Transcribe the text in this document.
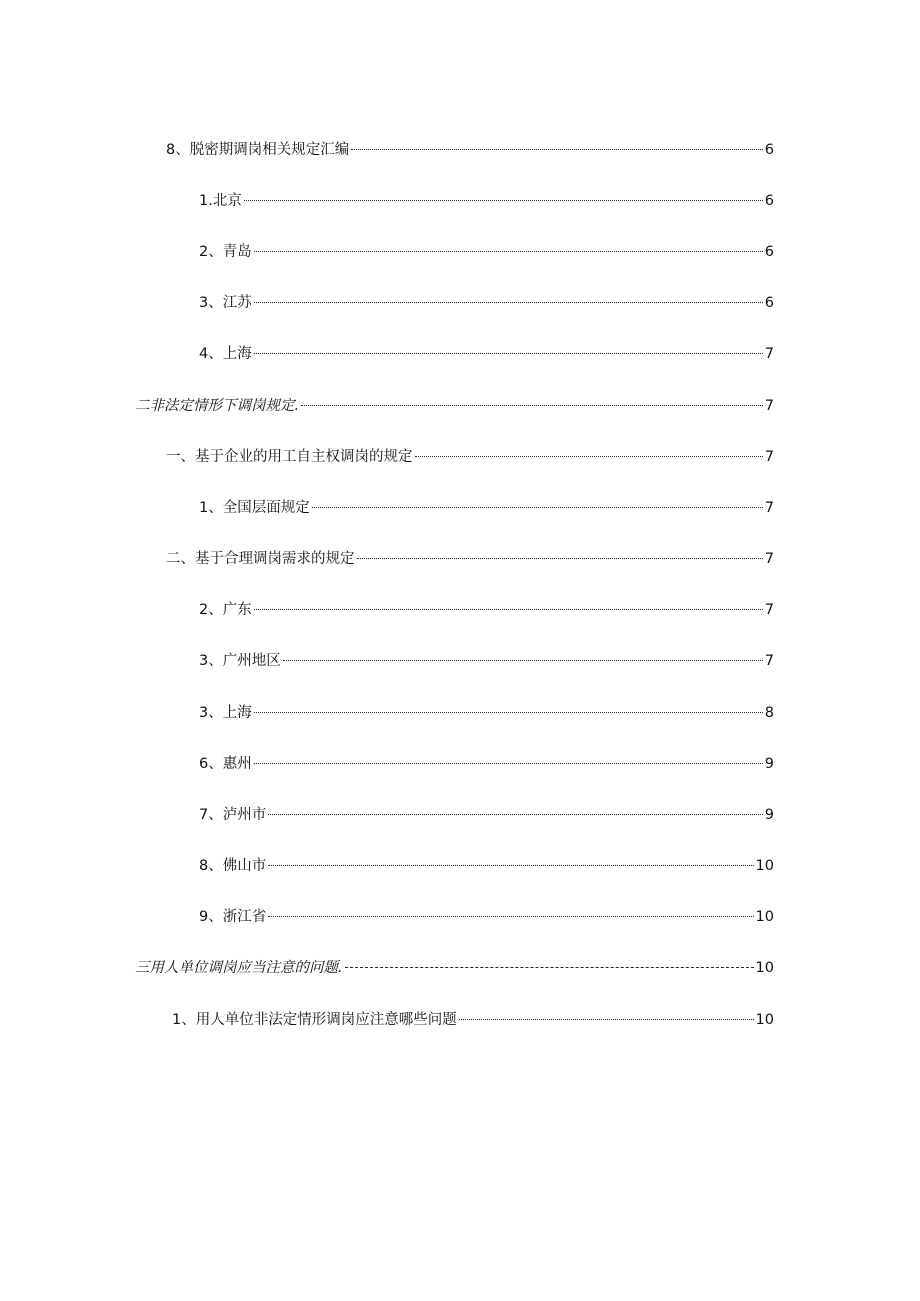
8、脱密期调岗相关规定汇编	6
1.北京	6
2、青岛	6
3、江苏	6
4、上海	7
二非法定情形下调岗规定.	7
一、基于企业的用工自主权调岗的规定	7
1、全国层面规定	7
二、基于合理调岗需求的规定	7
2、广东	7
3、广州地区	7
3、上海	8
6、惠州	9
7、泸州市	9
8、佛山市	10
9、浙江省	10
三用人单位调岗应当注意的问题.	10
1、用人单位非法定情形调岗应注意哪些问题	10
